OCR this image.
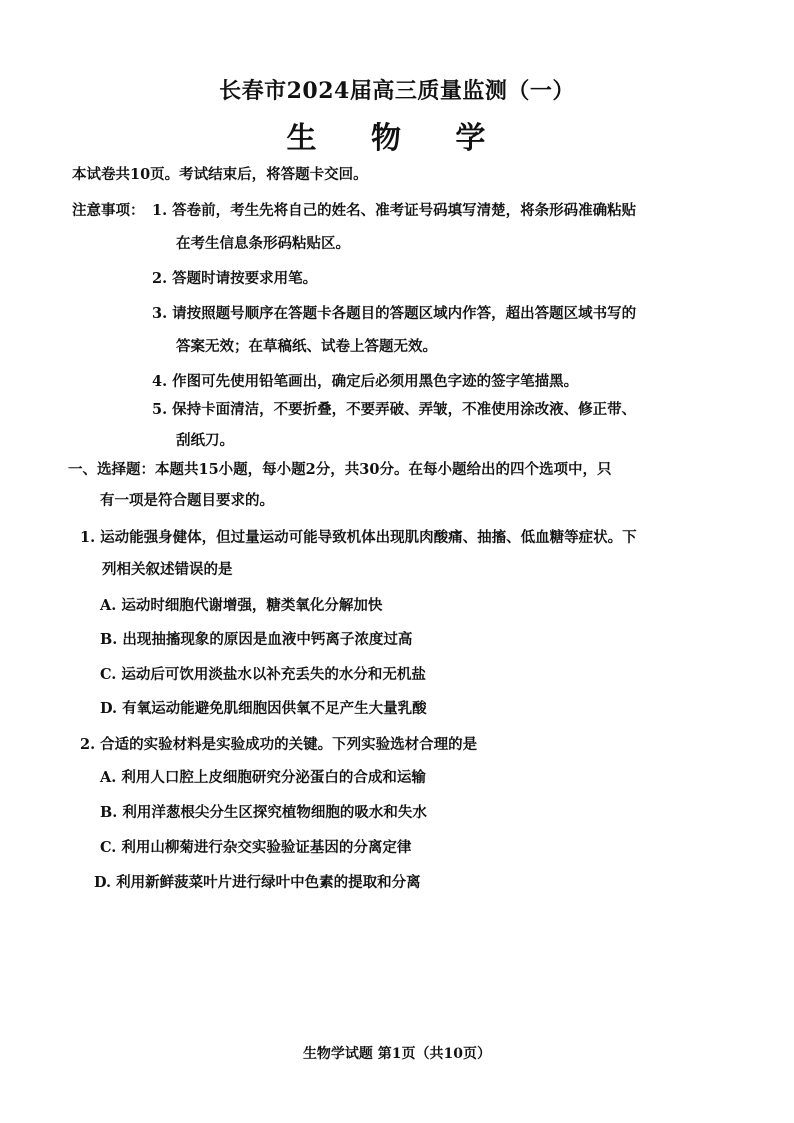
长春市2024届高三质量监测（一）
生 物 学
本试卷共10页。考试结束后，将答题卡交回。
注意事项： 1. 答卷前，考生先将自己的姓名、准考证号码填写清楚，将条形码准确粘贴
在考生信息条形码粘贴区。
2. 答题时请按要求用笔。
3. 请按照题号顺序在答题卡各题目的答题区域内作答，超出答题区域书写的
答案无效；在草稿纸、试卷上答题无效。
4. 作图可先使用铅笔画出，确定后必须用黑色字迹的签字笔描黑。
5. 保持卡面清洁，不要折叠，不要弄破、弄皱，不准使用涂改液、修正带、
刮纸刀。
一、选择题：本题共15小题，每小题2分，共30分。在每小题给出的四个选项中，只
有一项是符合题目要求的。
1. 运动能强身健体，但过量运动可能导致机体出现肌肉酸痛、抽搐、低血糖等症状。下
列相关叙述错误的是
A. 运动时细胞代谢增强，糖类氧化分解加快
B. 出现抽搐现象的原因是血液中钙离子浓度过高
C. 运动后可饮用淡盐水以补充丢失的水分和无机盐
D. 有氧运动能避免肌细胞因供氧不足产生大量乳酸
2. 合适的实验材料是实验成功的关键。下列实验选材合理的是
A. 利用人口腔上皮细胞研究分泌蛋白的合成和运输
B. 利用洋葱根尖分生区探究植物细胞的吸水和失水
C. 利用山柳菊进行杂交实验验证基因的分离定律
D. 利用新鲜菠菜叶片进行绿叶中色素的提取和分离
生物学试题 第1页（共10页）
